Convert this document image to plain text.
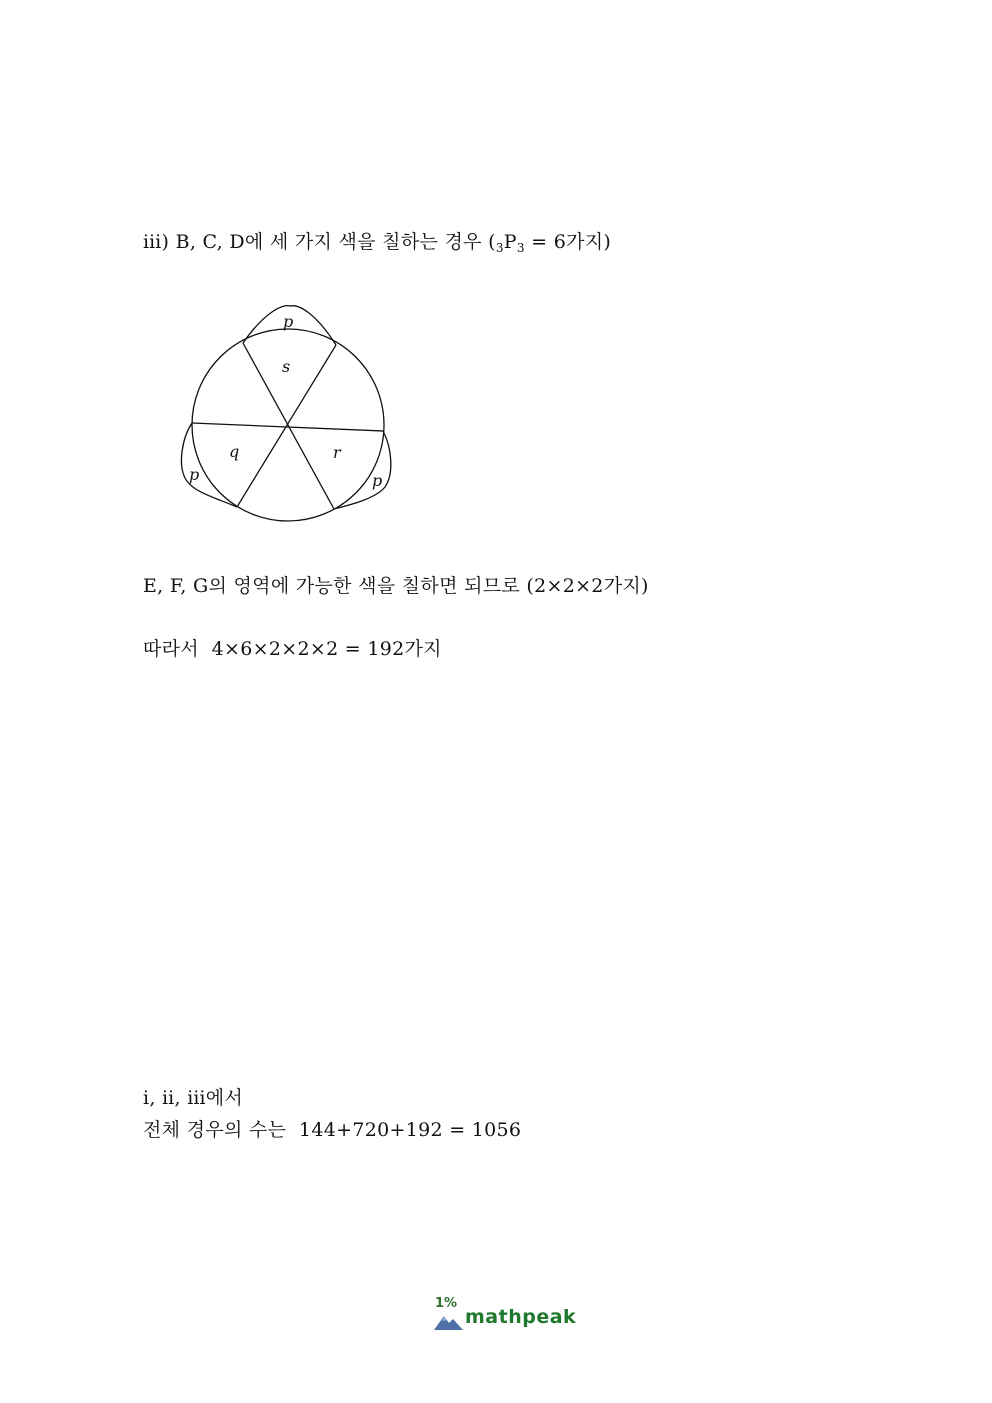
ⅲ) B, C, D에 세 가지 색을 칠하는 경우 ($_3P_3 = 6$가지)
p
s
q	r
p	p
E, F, G의 영역에 가능한 색을 칠하면 되므로 (2×2×2가지)
따라서  4×6×2×2×2 = 192가지
ⅰ, ⅱ, ⅲ에서
전체 경우의 수는  144+720+192 = 1056
1%
mathpeak
